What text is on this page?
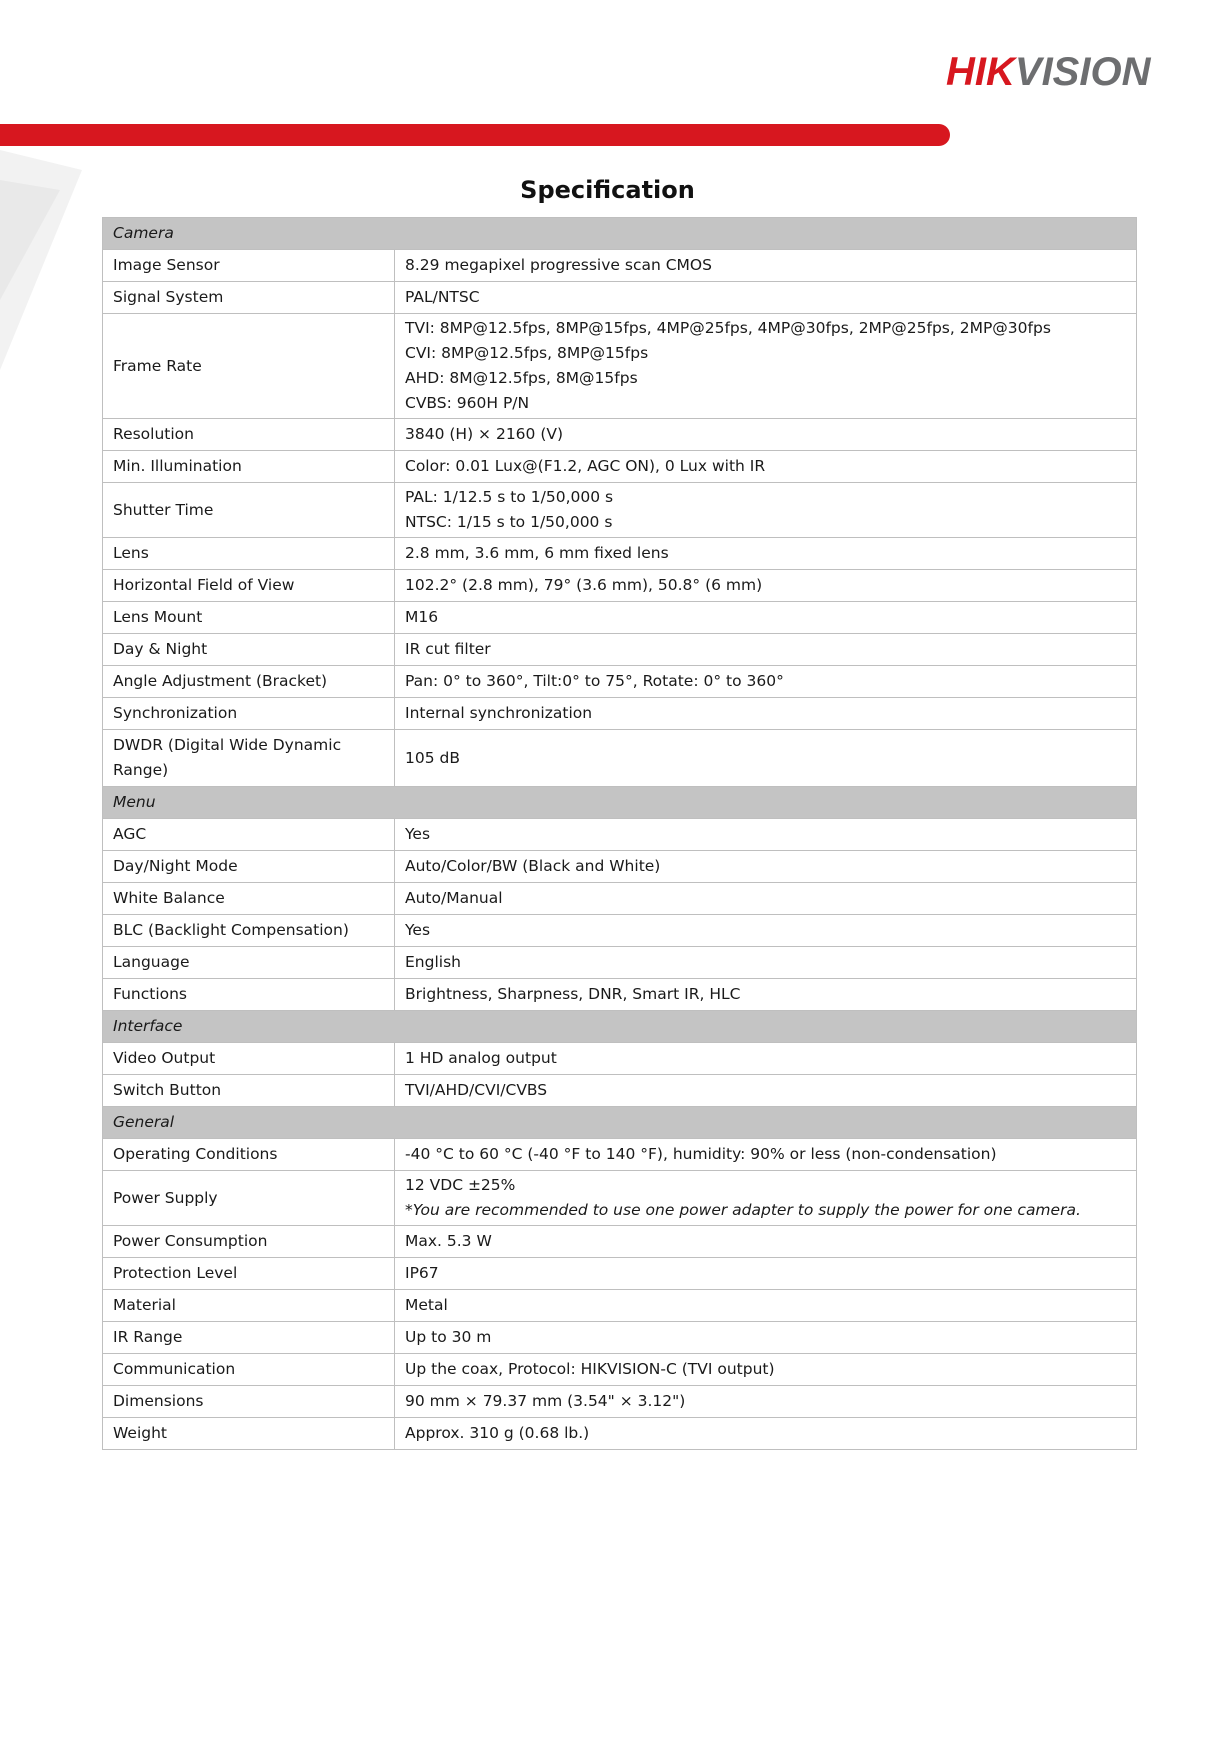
HIKVISION
Specification
Camera	
Image Sensor	8.29 megapixel progressive scan CMOS
Signal System	PAL/NTSC
Frame Rate	TVI: 8MP@12.5fps, 8MP@15fps, 4MP@25fps, 4MP@30fps, 2MP@25fps, 2MP@30fps
CVI: 8MP@12.5fps, 8MP@15fps
AHD: 8M@12.5fps, 8M@15fps
CVBS: 960H P/N

Resolution	3840 (H) × 2160 (V)
Min. Illumination	Color: 0.01 Lux@(F1.2, AGC ON), 0 Lux with IR
Shutter Time	PAL: 1/12.5 s to 1/50,000 s
NTSC: 1/15 s to 1/50,000 s

Lens	2.8 mm, 3.6 mm, 6 mm fixed lens
Horizontal Field of View	102.2° (2.8 mm), 79° (3.6 mm), 50.8° (6 mm)
Lens Mount	M16
Day & Night	IR cut filter
Angle Adjustment (Bracket)	Pan: 0° to 360°, Tilt:0° to 75°, Rotate: 0° to 360°
Synchronization	Internal synchronization
DWDR (Digital Wide Dynamic Range)	105 dB
Menu	
AGC	Yes
Day/Night Mode	Auto/Color/BW (Black and White)
White Balance	Auto/Manual
BLC (Backlight Compensation)	Yes
Language	English
Functions	Brightness, Sharpness, DNR, Smart IR, HLC
Interface	
Video Output	1 HD analog output
Switch Button	TVI/AHD/CVI/CVBS
General	
Operating Conditions	-40 °C to 60 °C (-40 °F to 140 °F), humidity: 90% or less (non-condensation)
Power Supply	12 VDC ±25%
*You are recommended to use one power adapter to supply the power for one camera.

Power Consumption	Max. 5.3 W
Protection Level	IP67
Material	Metal
IR Range	Up to 30 m
Communication	Up the coax, Protocol: HIKVISION-C (TVI output)
Dimensions	90 mm × 79.37 mm (3.54" × 3.12")
Weight	Approx. 310 g (0.68 lb.)
